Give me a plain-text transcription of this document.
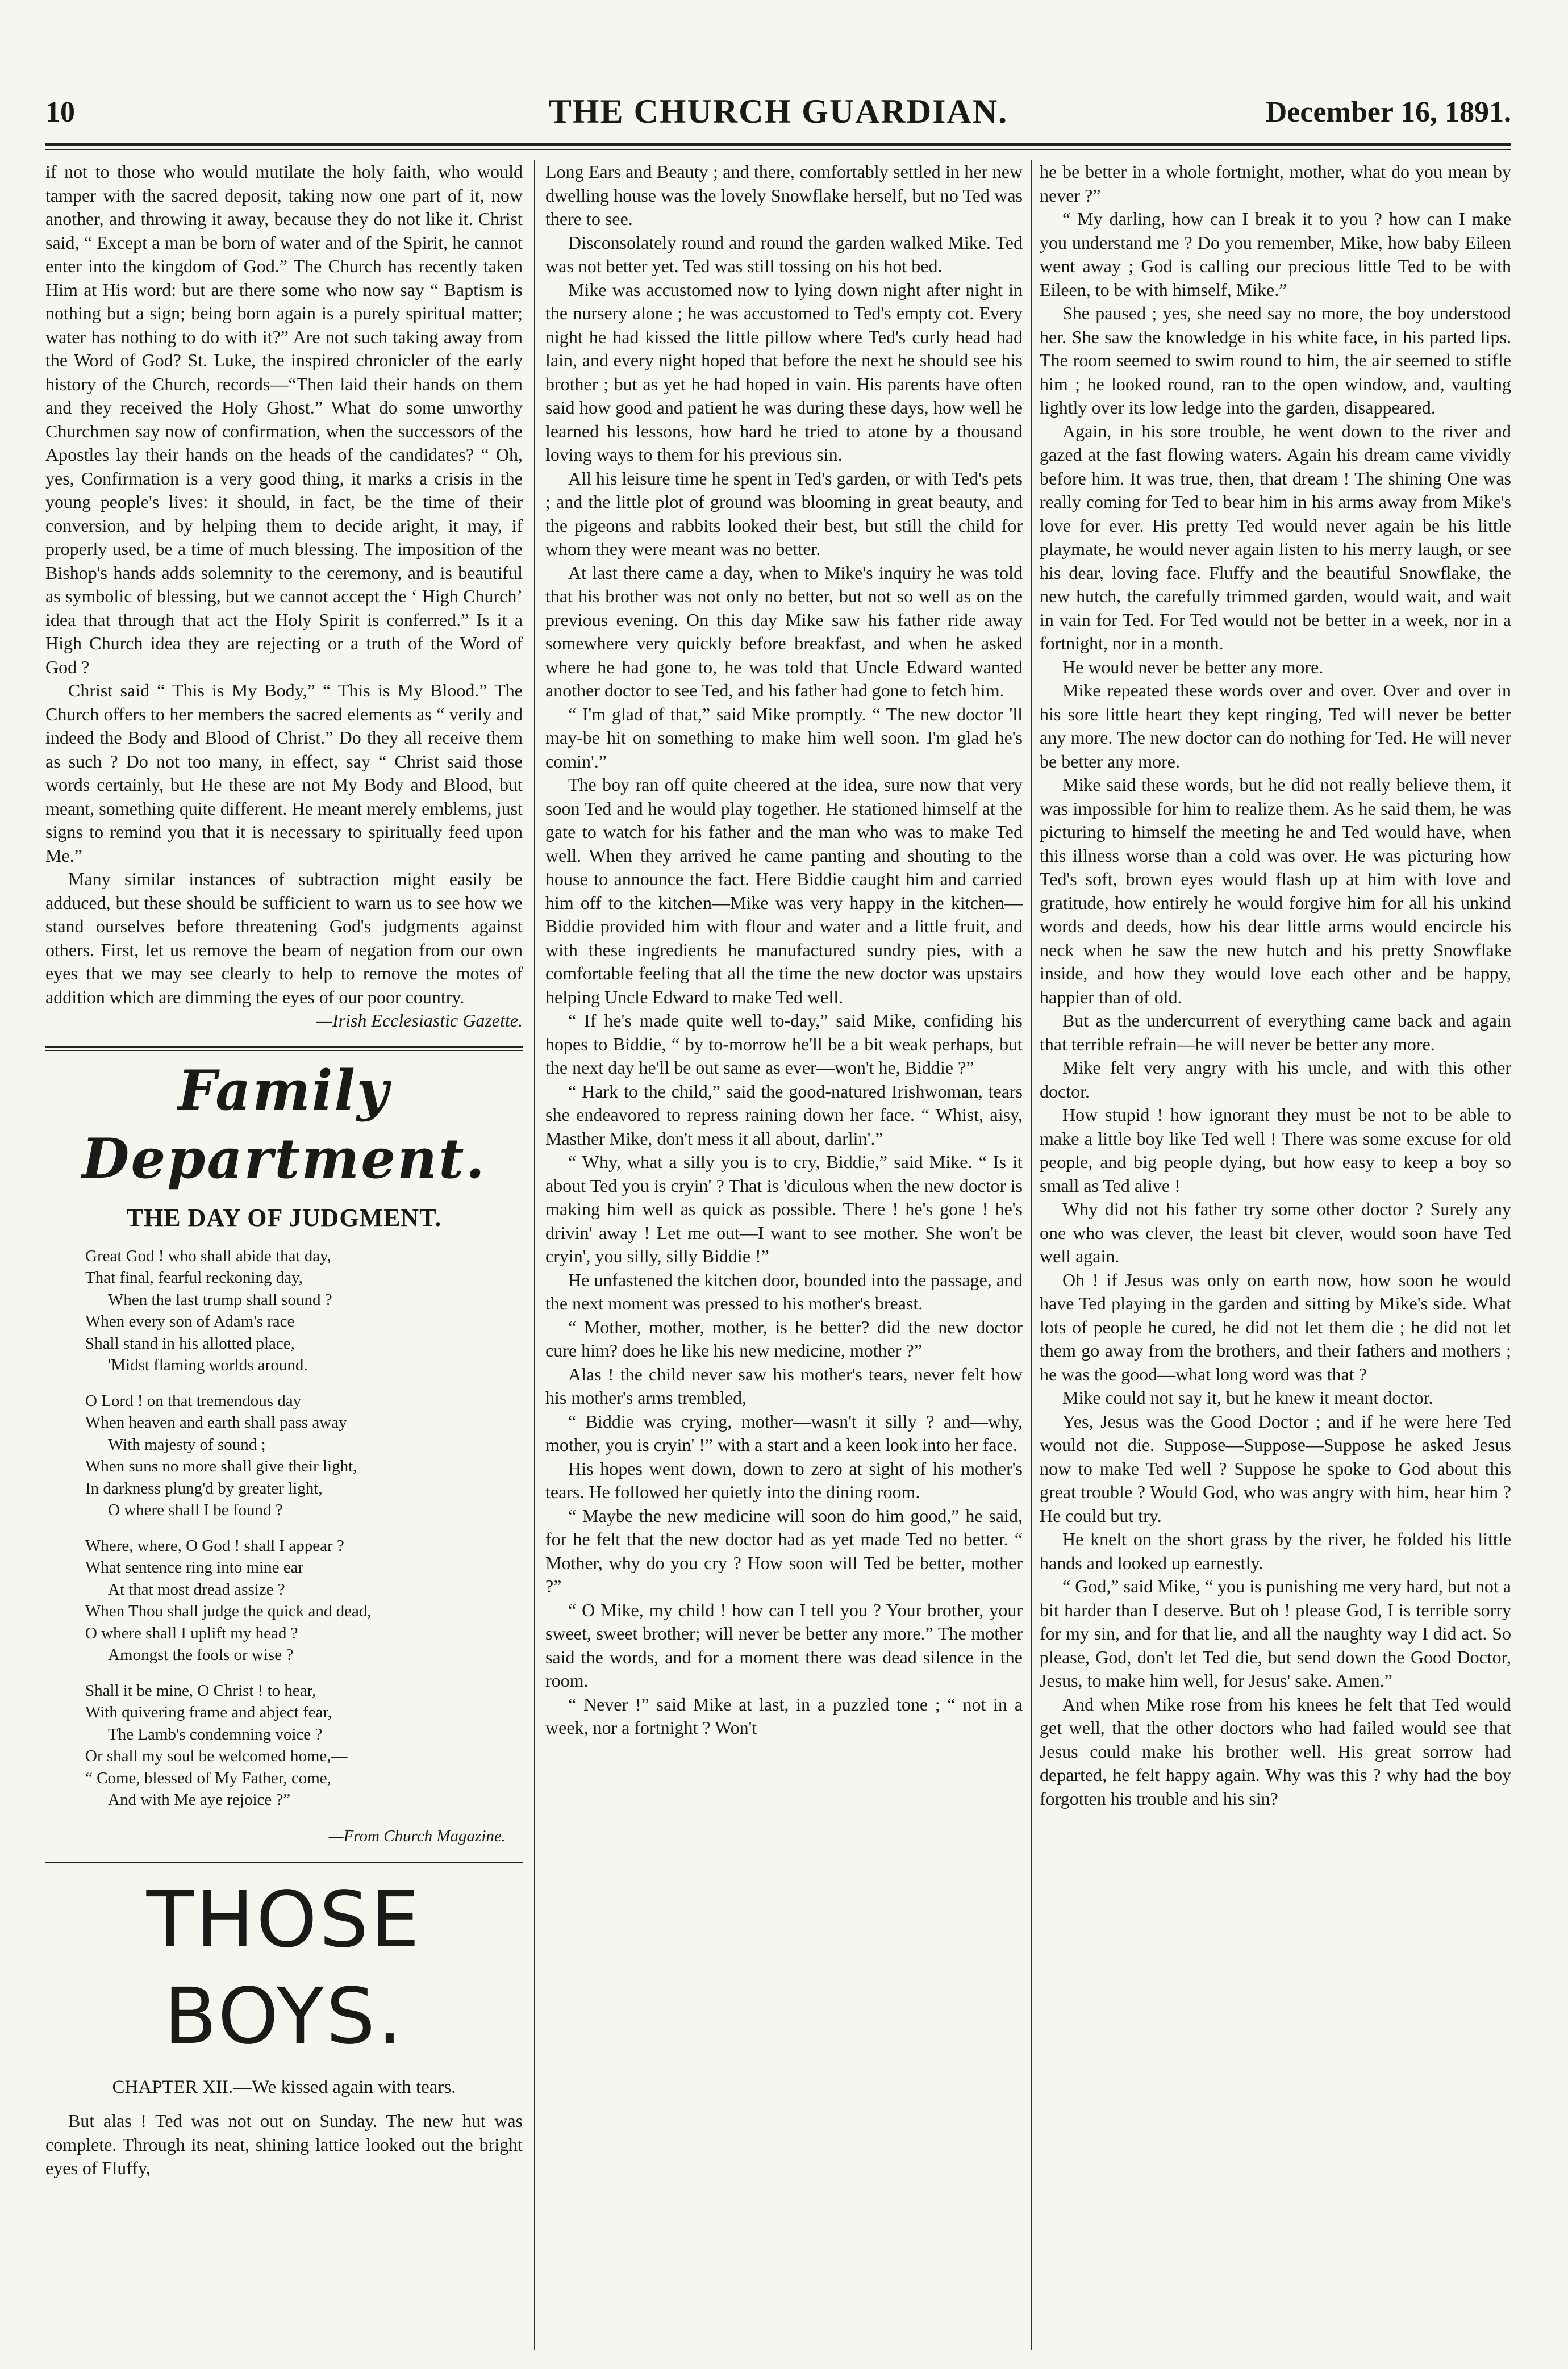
10	THE CHURCH GUARDIAN.	December 16, 1891.

if not to those who would mutilate the holy faith, who would tamper with the sacred deposit, taking now one part of it, now another, and throwing it away, because they do not like it. Christ said, “ Except a man be born of water and of the Spirit, he cannot enter into the kingdom of God.” The Church has recently taken Him at His word: but are there some who now say “ Baptism is nothing but a sign; being born again is a purely spiritual matter; water has nothing to do with it?” Are not such taking away from the Word of God? St. Luke, the inspired chronicler of the early history of the Church, records—“Then laid their hands on them and they received the Holy Ghost.” What do some unworthy Churchmen say now of confirmation, when the successors of the Apostles lay their hands on the heads of the candidates? “ Oh, yes, Confirmation is a very good thing, it marks a crisis in the young people's lives: it should, in fact, be the time of their conversion, and by helping them to decide aright, it may, if properly used, be a time of much blessing. The imposition of the Bishop's hands adds solemnity to the ceremony, and is beautiful as symbolic of blessing, but we cannot accept the ‘ High Church’ idea that through that act the Holy Spirit is conferred.” Is it a High Church idea they are rejecting or a truth of the Word of God ?

Christ said “ This is My Body,” “ This is My Blood.” The Church offers to her members the sacred elements as “ verily and indeed the Body and Blood of Christ.” Do they all receive them as such ? Do not too many, in effect, say “ Christ said those words certainly, but He these are not My Body and Blood, but meant, something quite different. He meant merely emblems, just signs to remind you that it is necessary to spiritually feed upon Me.”

Many similar instances of subtraction might easily be adduced, but these should be sufficient to warn us to see how we stand ourselves before threatening God's judgments against others. First, let us remove the beam of negation from our own eyes that we may see clearly to help to remove the motes of addition which are dimming the eyes of our poor country.

—Irish Ecclesiastic Gazette.
Family Department.
THE DAY OF JUDGMENT.
Great God ! who shall abide that day,
That final, fearful reckoning day,
When the last trump shall sound ?
When every son of Adam's race
Shall stand in his allotted place,
'Midst flaming worlds around.
O Lord ! on that tremendous day
When heaven and earth shall pass away
With majesty of sound ;
When suns no more shall give their light,
In darkness plung'd by greater light,
O where shall I be found ?
Where, where, O God ! shall I appear ?
What sentence ring into mine ear
At that most dread assize ?
When Thou shall judge the quick and dead,
O where shall I uplift my head ?
Amongst the fools or wise ?
Shall it be mine, O Christ ! to hear,
With quivering frame and abject fear,
The Lamb's condemning voice ?
Or shall my soul be welcomed home,—
“ Come, blessed of My Father, come,
And with Me aye rejoice ?”
—From Church Magazine.
THOSE BOYS.
CHAPTER XII.—We kissed again with tears.

But alas ! Ted was not out on Sunday. The new hut was complete. Through its neat, shining lattice looked out the bright eyes of Fluffy,

Long Ears and Beauty ; and there, comfortably settled in her new dwelling house was the lovely Snowflake herself, but no Ted was there to see.

Disconsolately round and round the garden walked Mike. Ted was not better yet. Ted was still tossing on his hot bed.

Mike was accustomed now to lying down night after night in the nursery alone ; he was accustomed to Ted's empty cot. Every night he had kissed the little pillow where Ted's curly head had lain, and every night hoped that before the next he should see his brother ; but as yet he had hoped in vain. His parents have often said how good and patient he was during these days, how well he learned his lessons, how hard he tried to atone by a thousand loving ways to them for his previous sin.

All his leisure time he spent in Ted's garden, or with Ted's pets ; and the little plot of ground was blooming in great beauty, and the pigeons and rabbits looked their best, but still the child for whom they were meant was no better.

At last there came a day, when to Mike's inquiry he was told that his brother was not only no better, but not so well as on the previous evening. On this day Mike saw his father ride away somewhere very quickly before breakfast, and when he asked where he had gone to, he was told that Uncle Edward wanted another doctor to see Ted, and his father had gone to fetch him.

“ I'm glad of that,” said Mike promptly. “ The new doctor 'll may-be hit on something to make him well soon. I'm glad he's comin'.”

The boy ran off quite cheered at the idea, sure now that very soon Ted and he would play together. He stationed himself at the gate to watch for his father and the man who was to make Ted well. When they arrived he came panting and shouting to the house to announce the fact. Here Biddie caught him and carried him off to the kitchen—Mike was very happy in the kitchen—Biddie provided him with flour and water and a little fruit, and with these ingredients he manufactured sundry pies, with a comfortable feeling that all the time the new doctor was upstairs helping Uncle Edward to make Ted well.

“ If he's made quite well to-day,” said Mike, confiding his hopes to Biddie, “ by to-morrow he'll be a bit weak perhaps, but the next day he'll be out same as ever—won't he, Biddie ?”

“ Hark to the child,” said the good-natured Irishwoman, tears she endeavored to repress raining down her face. “ Whist, aisy, Masther Mike, don't mess it all about, darlin'.”

“ Why, what a silly you is to cry, Biddie,” said Mike. “ Is it about Ted you is cryin' ? That is 'diculous when the new doctor is making him well as quick as possible. There ! he's gone ! he's drivin' away ! Let me out—I want to see mother. She won't be cryin', you silly, silly Biddie !”

He unfastened the kitchen door, bounded into the passage, and the next moment was pressed to his mother's breast.

“ Mother, mother, mother, is he better? did the new doctor cure him? does he like his new medicine, mother ?”

Alas ! the child never saw his mother's tears, never felt how his mother's arms trembled,

“ Biddie was crying, mother—wasn't it silly ? and—why, mother, you is cryin' !” with a start and a keen look into her face.

His hopes went down, down to zero at sight of his mother's tears. He followed her quietly into the dining room.

“ Maybe the new medicine will soon do him good,” he said, for he felt that the new doctor had as yet made Ted no better. “ Mother, why do you cry ? How soon will Ted be better, mother ?”

“ O Mike, my child ! how can I tell you ? Your brother, your sweet, sweet brother; will never be better any more.” The mother said the words, and for a moment there was dead silence in the room.

“ Never !” said Mike at last, in a puzzled tone ; “ not in a week, nor a fortnight ? Won't

he be better in a whole fortnight, mother, what do you mean by never ?”

“ My darling, how can I break it to you ? how can I make you understand me ? Do you remember, Mike, how baby Eileen went away ; God is calling our precious little Ted to be with Eileen, to be with himself, Mike.”

She paused ; yes, she need say no more, the boy understood her. She saw the knowledge in his white face, in his parted lips. The room seemed to swim round to him, the air seemed to stifle him ; he looked round, ran to the open window, and, vaulting lightly over its low ledge into the garden, disappeared.

Again, in his sore trouble, he went down to the river and gazed at the fast flowing waters. Again his dream came vividly before him. It was true, then, that dream ! The shining One was really coming for Ted to bear him in his arms away from Mike's love for ever. His pretty Ted would never again be his little playmate, he would never again listen to his merry laugh, or see his dear, loving face. Fluffy and the beautiful Snowflake, the new hutch, the carefully trimmed garden, would wait, and wait in vain for Ted. For Ted would not be better in a week, nor in a fortnight, nor in a month.

He would never be better any more.

Mike repeated these words over and over. Over and over in his sore little heart they kept ringing, Ted will never be better any more. The new doctor can do nothing for Ted. He will never be better any more.

Mike said these words, but he did not really believe them, it was impossible for him to realize them. As he said them, he was picturing to himself the meeting he and Ted would have, when this illness worse than a cold was over. He was picturing how Ted's soft, brown eyes would flash up at him with love and gratitude, how entirely he would forgive him for all his unkind words and deeds, how his dear little arms would encircle his neck when he saw the new hutch and his pretty Snowflake inside, and how they would love each other and be happy, happier than of old.

But as the undercurrent of everything came back and again that terrible refrain—he will never be better any more.

Mike felt very angry with his uncle, and with this other doctor.

How stupid ! how ignorant they must be not to be able to make a little boy like Ted well ! There was some excuse for old people, and big people dying, but how easy to keep a boy so small as Ted alive !

Why did not his father try some other doctor ? Surely any one who was clever, the least bit clever, would soon have Ted well again.

Oh ! if Jesus was only on earth now, how soon he would have Ted playing in the garden and sitting by Mike's side. What lots of people he cured, he did not let them die ; he did not let them go away from the brothers, and their fathers and mothers ; he was the good—what long word was that ?

Mike could not say it, but he knew it meant doctor.

Yes, Jesus was the Good Doctor ; and if he were here Ted would not die. Suppose—Suppose—Suppose he asked Jesus now to make Ted well ? Suppose he spoke to God about this great trouble ? Would God, who was angry with him, hear him ? He could but try.

He knelt on the short grass by the river, he folded his little hands and looked up earnestly.

“ God,” said Mike, “ you is punishing me very hard, but not a bit harder than I deserve. But oh ! please God, I is terrible sorry for my sin, and for that lie, and all the naughty way I did act. So please, God, don't let Ted die, but send down the Good Doctor, Jesus, to make him well, for Jesus' sake. Amen.”

And when Mike rose from his knees he felt that Ted would get well, that the other doctors who had failed would see that Jesus could make his brother well. His great sorrow had departed, he felt happy again. Why was this ? why had the boy forgotten his trouble and his sin?
